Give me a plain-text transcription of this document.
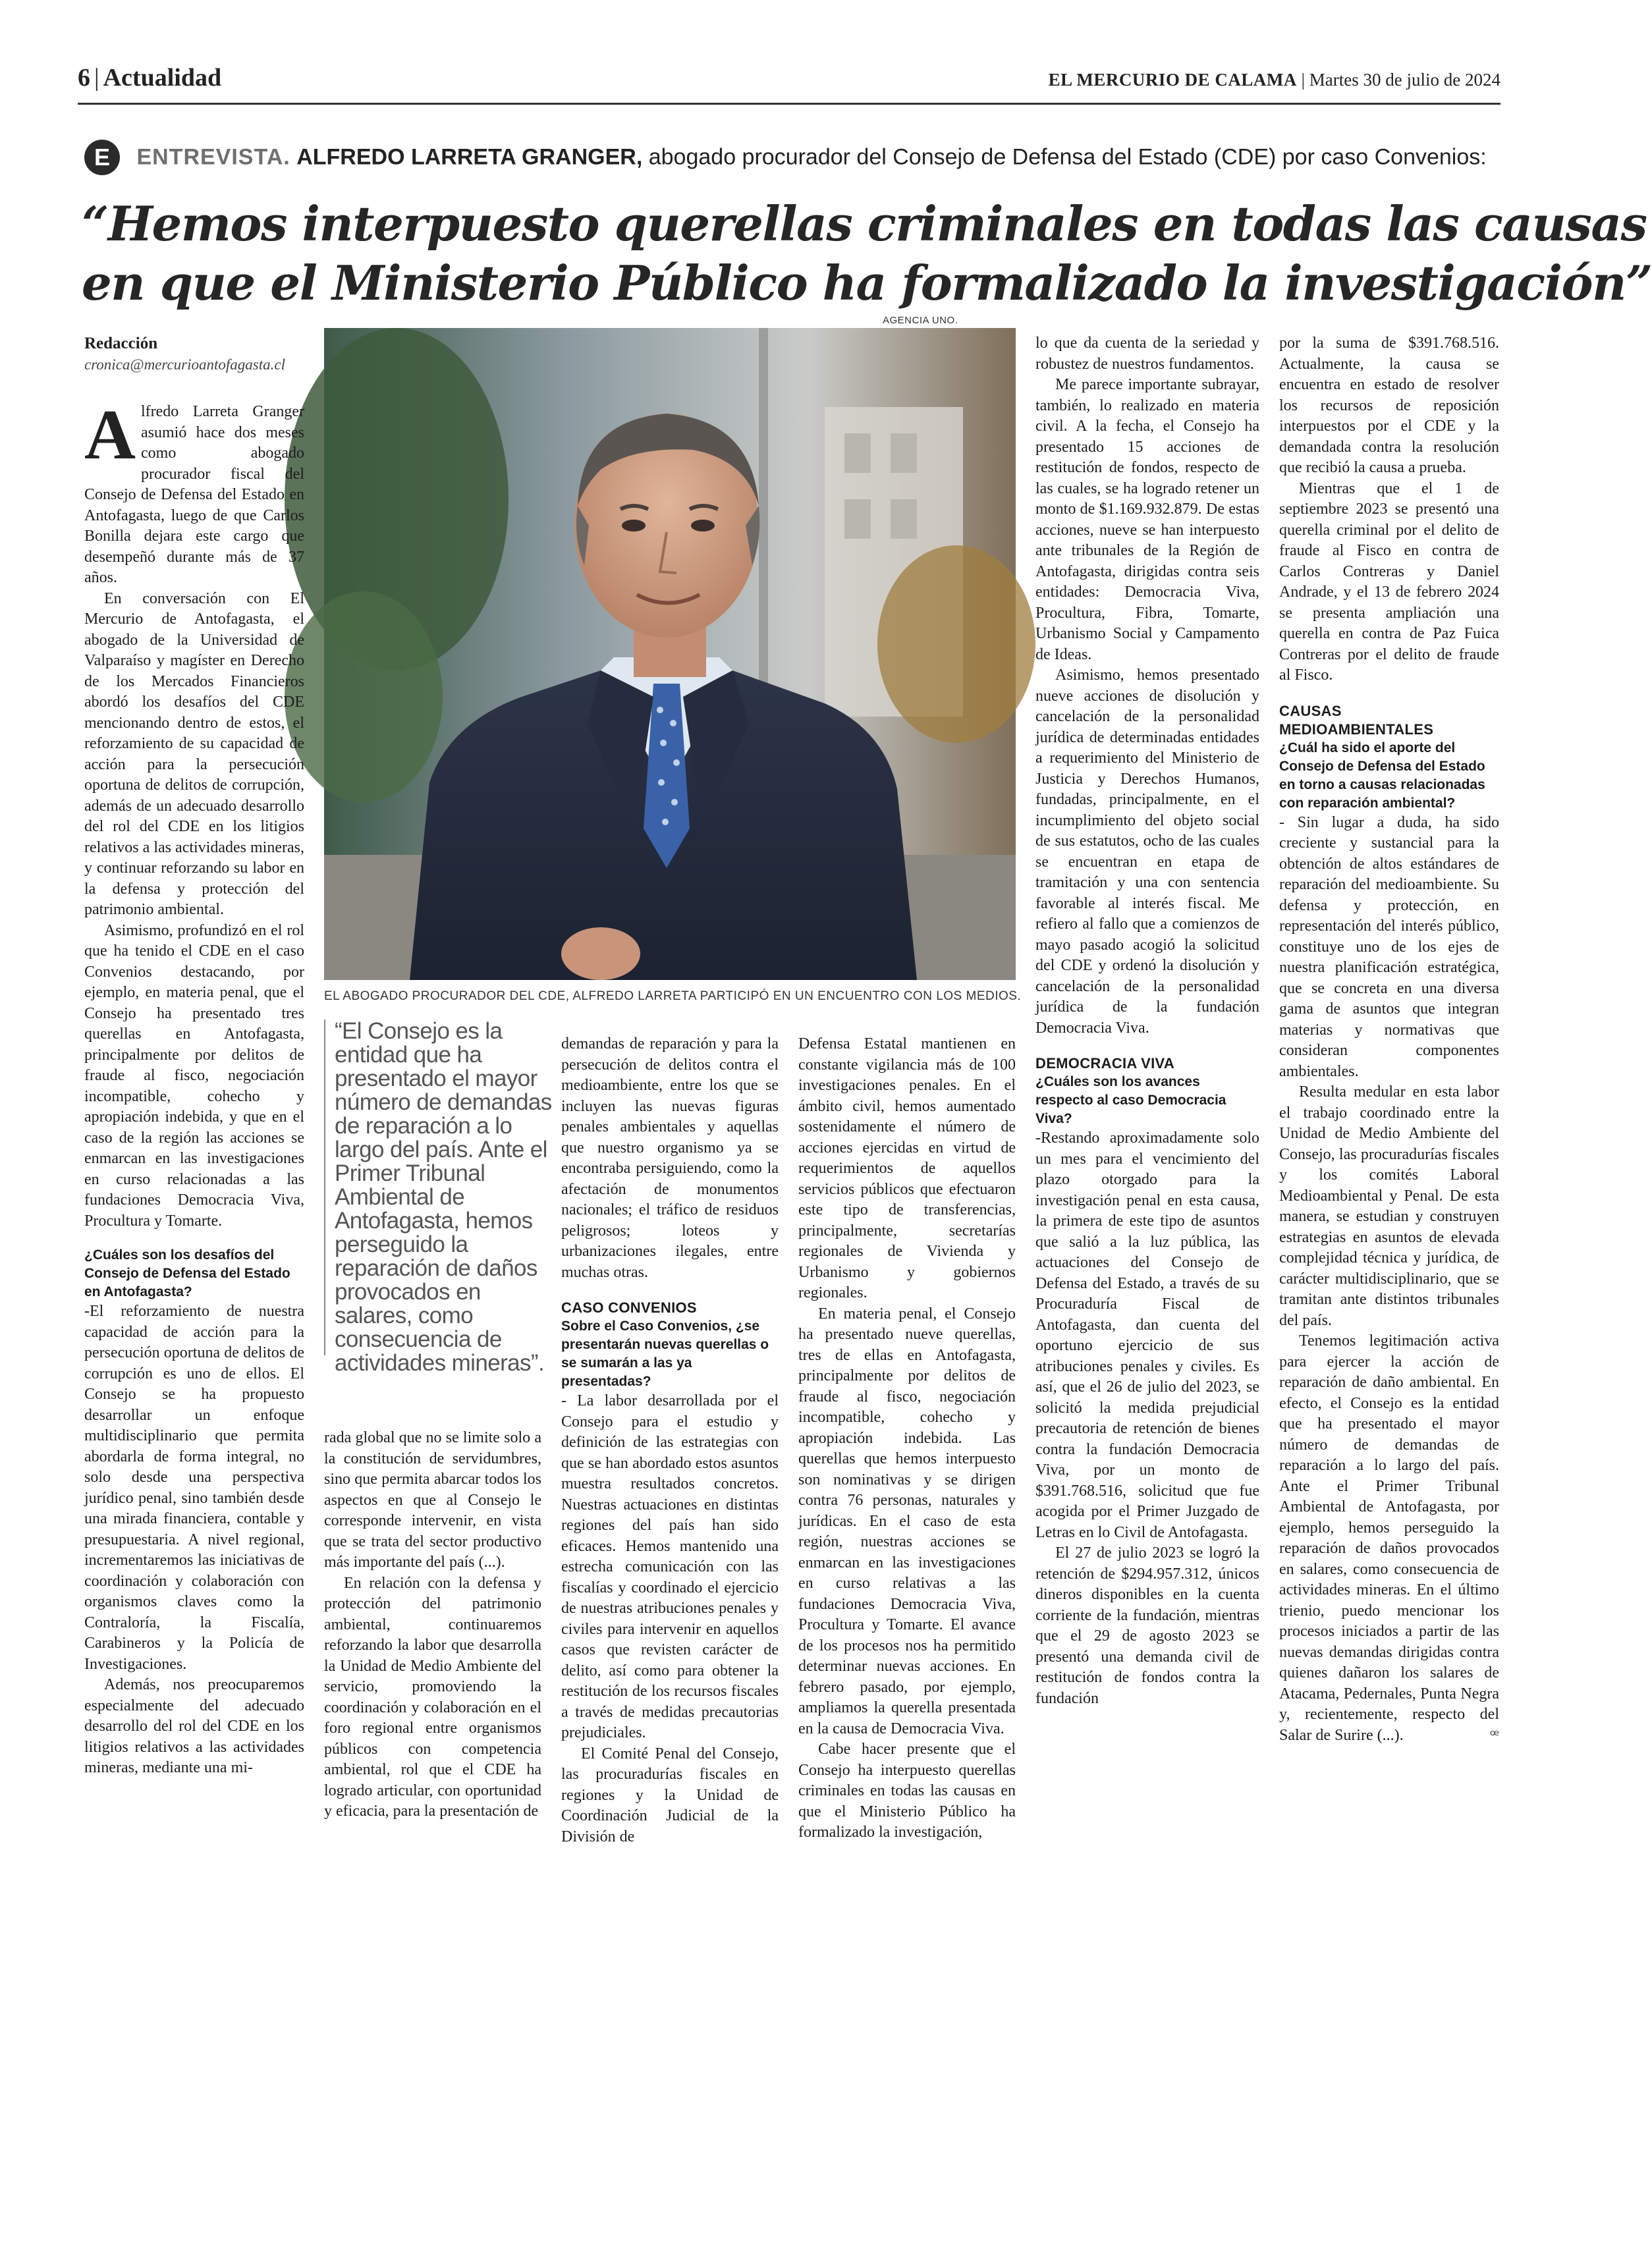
6 | Actualidad	EL MERCURIO DE CALAMA | Martes 30 de julio de 2024
E ENTREVISTA. ALFREDO LARRETA GRANGER, abogado procurador del Consejo de Defensa del Estado (CDE) por caso Convenios:
“Hemos interpuesto querellas criminales en todas las causas
en que el Ministerio Público ha formalizado la investigación”
Redacción
cronica@mercurioantofagasta.cl
AGENCIA UNO.
EL ABOGADO PROCURADOR DEL CDE, ALFREDO LARRETA PARTICIPÓ EN UN ENCUENTRO CON LOS MEDIOS.
“El Consejo es la entidad que ha presentado el mayor número de demandas de reparación a lo largo del país. Ante el Primer Tribunal Ambiental de Antofagasta, hemos perseguido la reparación de daños provocados en salares, como consecuencia de actividades mineras”.

Alfredo Larreta Granger asumió hace dos meses como abogado procurador fiscal del Consejo de Defensa del Estado en Antofagasta, luego de que Carlos Bonilla dejara este cargo que desempeñó durante más de 37 años.

En conversación con El Mercurio de Antofagasta, el abogado de la Universidad de Valparaíso y magíster en Derecho de los Mercados Financieros abordó los desafíos del CDE mencionando dentro de estos, el reforzamiento de su capacidad de acción para la persecución oportuna de delitos de corrupción, además de un adecuado desarrollo del rol del CDE en los litigios relativos a las actividades mineras, y continuar reforzando su labor en la defensa y protección del patrimonio ambiental.

Asimismo, profundizó en el rol que ha tenido el CDE en el caso Convenios destacando, por ejemplo, en materia penal, que el Consejo ha presentado tres querellas en Antofagasta, principalmente por delitos de fraude al fisco, negociación incompatible, cohecho y apropiación indebida, y que en el caso de la región las acciones se enmarcan en las investigaciones en curso relacionadas a las fundaciones Democracia Viva, Procultura y Tomarte.

¿Cuáles son los desafíos del Consejo de Defensa del Estado en Antofagasta?

-El reforzamiento de nuestra capacidad de acción para la persecución oportuna de delitos de corrupción es uno de ellos. El Consejo se ha propuesto desarrollar un enfoque multidisciplinario que permita abordarla de forma integral, no solo desde una perspectiva jurídico penal, sino también desde una mirada financiera, contable y presupuestaria. A nivel regional, incrementaremos las iniciativas de coordinación y colaboración con organismos claves como la Contraloría, la Fiscalía, Carabineros y la Policía de Investigaciones.

Además, nos preocuparemos especialmente del adecuado desarrollo del rol del CDE en los litigios relativos a las actividades mineras, mediante una mi-

rada global que no se limite solo a la constitución de servidumbres, sino que permita abarcar todos los aspectos en que al Consejo le corresponde intervenir, en vista que se trata del sector productivo más importante del país (...).

En relación con la defensa y protección del patrimonio ambiental, continuaremos reforzando la labor que desarrolla la Unidad de Medio Ambiente del servicio, promoviendo la coordinación y colaboración en el foro regional entre organismos públicos con competencia ambiental, rol que el CDE ha logrado articular, con oportunidad y eficacia, para la presentación de

demandas de reparación y para la persecución de delitos contra el medioambiente, entre los que se incluyen las nuevas figuras penales ambientales y aquellas que nuestro organismo ya se encontraba persiguiendo, como la afectación de monumentos nacionales; el tráfico de residuos peligrosos; loteos y urbanizaciones ilegales, entre muchas otras.

CASO CONVENIOS

Sobre el Caso Convenios, ¿se presentarán nuevas querellas o se sumarán a las ya presentadas?

- La labor desarrollada por el Consejo para el estudio y definición de las estrategias con que se han abordado estos asuntos muestra resultados concretos. Nuestras actuaciones en distintas regiones del país han sido eficaces. Hemos mantenido una estrecha comunicación con las fiscalías y coordinado el ejercicio de nuestras atribuciones penales y civiles para intervenir en aquellos casos que revisten carácter de delito, así como para obtener la restitución de los recursos fiscales a través de medidas precautorias prejudiciales.

El Comité Penal del Consejo, las procuradurías fiscales en regiones y la Unidad de Coordinación Judicial de la División de

Defensa Estatal mantienen en constante vigilancia más de 100 investigaciones penales. En el ámbito civil, hemos aumentado sostenidamente el número de acciones ejercidas en virtud de requerimientos de aquellos servicios públicos que efectuaron este tipo de transferencias, principalmente, secretarías regionales de Vivienda y Urbanismo y gobiernos regionales.

En materia penal, el Consejo ha presentado nueve querellas, tres de ellas en Antofagasta, principalmente por delitos de fraude al fisco, negociación incompatible, cohecho y apropiación indebida. Las querellas que hemos interpuesto son nominativas y se dirigen contra 76 personas, naturales y jurídicas. En el caso de esta región, nuestras acciones se enmarcan en las investigaciones en curso relativas a las fundaciones Democracia Viva, Procultura y Tomarte. El avance de los procesos nos ha permitido determinar nuevas acciones. En febrero pasado, por ejemplo, ampliamos la querella presentada en la causa de Democracia Viva.

Cabe hacer presente que el Consejo ha interpuesto querellas criminales en todas las causas en que el Ministerio Público ha formalizado la investigación,

lo que da cuenta de la seriedad y robustez de nuestros fundamentos.

Me parece importante subrayar, también, lo realizado en materia civil. A la fecha, el Consejo ha presentado 15 acciones de restitución de fondos, respecto de las cuales, se ha logrado retener un monto de $1.169.932.879. De estas acciones, nueve se han interpuesto ante tribunales de la Región de Antofagasta, dirigidas contra seis entidades: Democracia Viva, Procultura, Fibra, Tomarte, Urbanismo Social y Campamento de Ideas.

Asimismo, hemos presentado nueve acciones de disolución y cancelación de la personalidad jurídica de determinadas entidades a requerimiento del Ministerio de Justicia y Derechos Humanos, fundadas, principalmente, en el incumplimiento del objeto social de sus estatutos, ocho de las cuales se encuentran en etapa de tramitación y una con sentencia favorable al interés fiscal. Me refiero al fallo que a comienzos de mayo pasado acogió la solicitud del CDE y ordenó la disolución y cancelación de la personalidad jurídica de la fundación Democracia Viva.

DEMOCRACIA VIVA

¿Cuáles son los avances respecto al caso Democracia Viva?

-Restando aproximadamente solo un mes para el vencimiento del plazo otorgado para la investigación penal en esta causa, la primera de este tipo de asuntos que salió a la luz pública, las actuaciones del Consejo de Defensa del Estado, a través de su Procuraduría Fiscal de Antofagasta, dan cuenta del oportuno ejercicio de sus atribuciones penales y civiles. Es así, que el 26 de julio del 2023, se solicitó la medida prejudicial precautoria de retención de bienes contra la fundación Democracia Viva, por un monto de $391.768.516, solicitud que fue acogida por el Primer Juzgado de Letras en lo Civil de Antofagasta.

El 27 de julio 2023 se logró la retención de $294.957.312, únicos dineros disponibles en la cuenta corriente de la fundación, mientras que el 29 de agosto 2023 se presentó una demanda civil de restitución de fondos contra la fundación

por la suma de $391.768.516. Actualmente, la causa se encuentra en estado de resolver los recursos de reposición interpuestos por el CDE y la demandada contra la resolución que recibió la causa a prueba.

Mientras que el 1 de septiembre 2023 se presentó una querella criminal por el delito de fraude al Fisco en contra de Carlos Contreras y Daniel Andrade, y el 13 de febrero 2024 se presenta ampliación una querella en contra de Paz Fuica Contreras por el delito de fraude al Fisco.

CAUSAS MEDIOAMBIENTALES

¿Cuál ha sido el aporte del Consejo de Defensa del Estado en torno a causas relacionadas con reparación ambiental?

- Sin lugar a duda, ha sido creciente y sustancial para la obtención de altos estándares de reparación del medioambiente. Su defensa y protección, en representación del interés público, constituye uno de los ejes de nuestra planificación estratégica, que se concreta en una diversa gama de asuntos que integran materias y normativas que consideran componentes ambientales.

Resulta medular en esta labor el trabajo coordinado entre la Unidad de Medio Ambiente del Consejo, las procuradurías fiscales y los comités Laboral Medioambiental y Penal. De esta manera, se estudian y construyen estrategias en asuntos de elevada complejidad técnica y jurídica, de carácter multidisciplinario, que se tramitan ante distintos tribunales del país.

Tenemos legitimación activa para ejercer la acción de reparación de daño ambiental. En efecto, el Consejo es la entidad que ha presentado el mayor número de demandas de reparación a lo largo del país. Ante el Primer Tribunal Ambiental de Antofagasta, por ejemplo, hemos perseguido la reparación de daños provocados en salares, como consecuencia de actividades mineras. En el último trienio, puedo mencionar los procesos iniciados a partir de las nuevas demandas dirigidas contra quienes dañaron los salares de Atacama, Pedernales, Punta Negra y, recientemente, respecto del Salar de Surire (...).	ꟹ
